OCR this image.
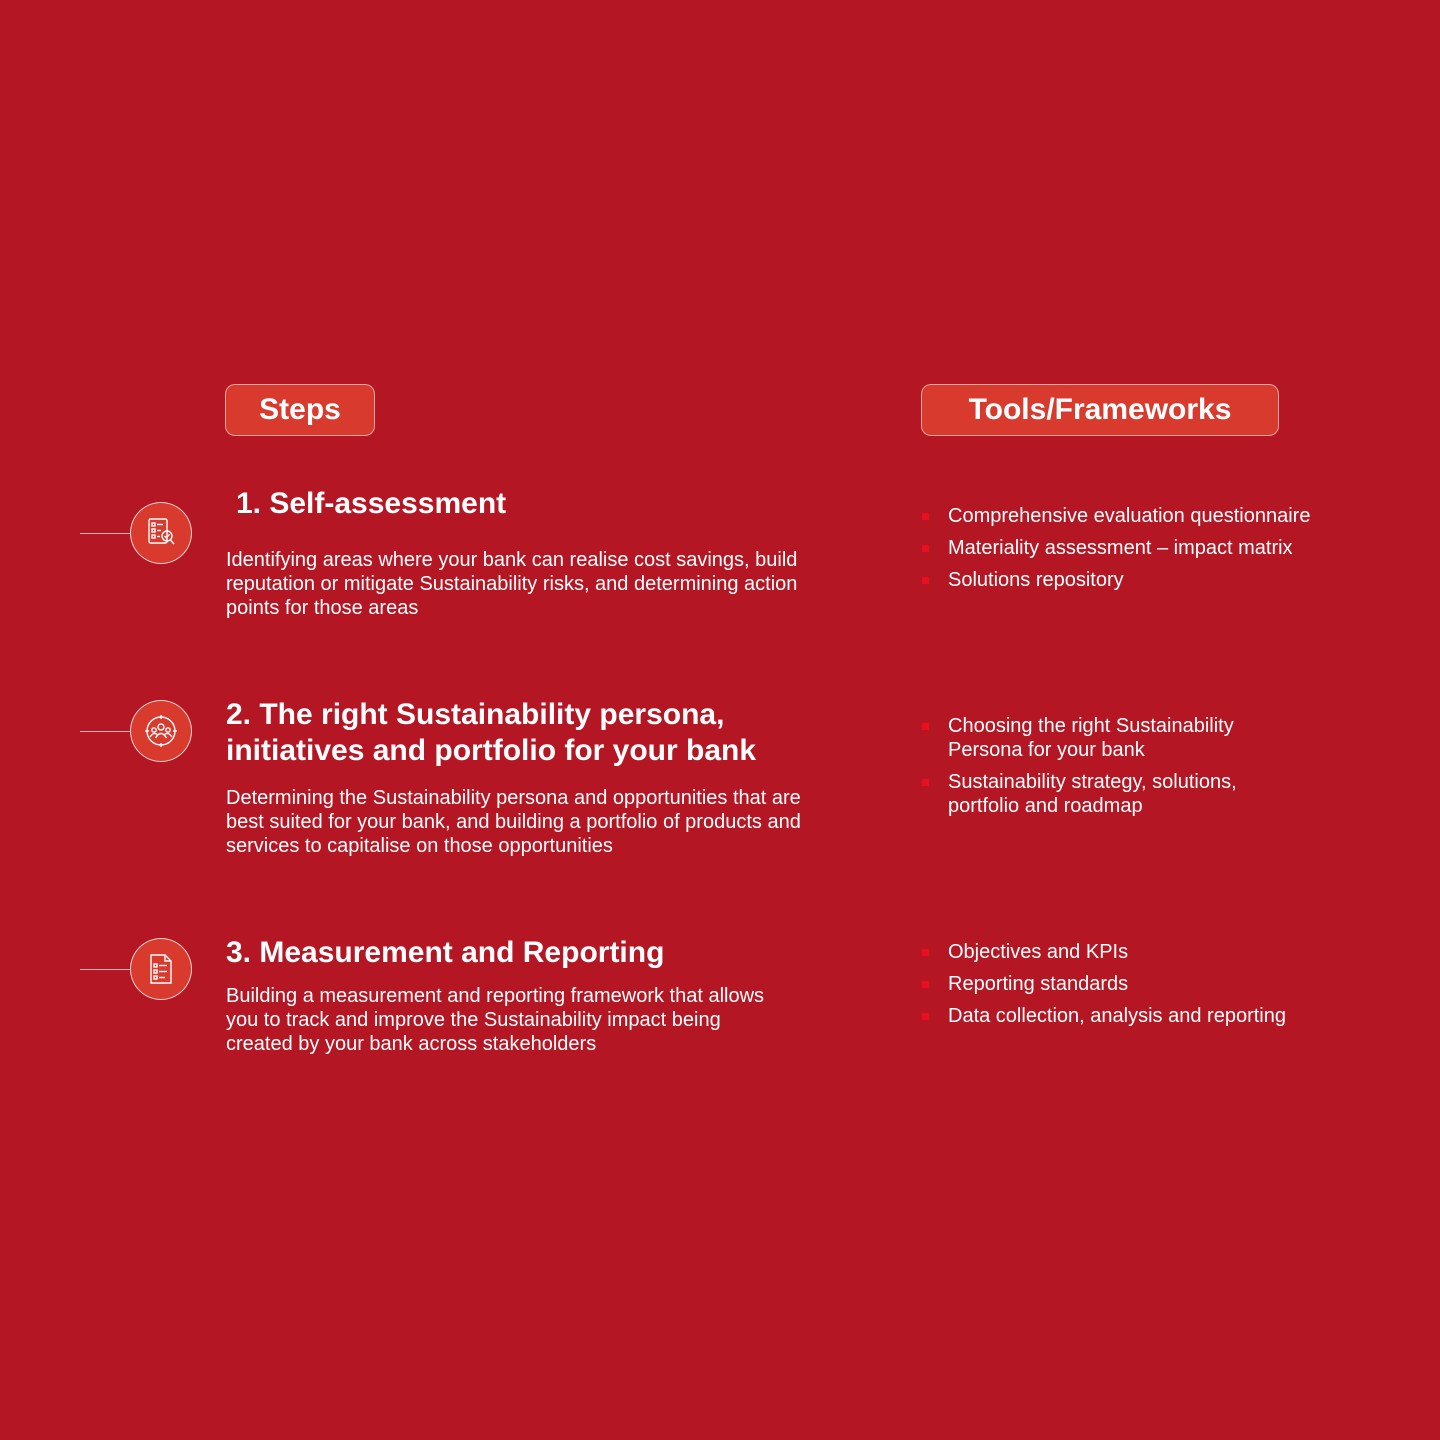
Steps	Tools/Frameworks
1. Self-assessment

Identifying areas where your bank can realise cost savings, build reputation or mitigate Sustainability risks, and determining action points for those areas

Comprehensive evaluation questionnaire
Materiality assessment – impact matrix
Solutions repository
2. The right Sustainability persona, initiatives and portfolio for your bank

Determining the Sustainability persona and opportunities that are best suited for your bank, and building a portfolio of products and services to capitalise on those opportunities

Choosing the right Sustainability Persona for your bank
Sustainability strategy, solutions, portfolio and roadmap
3. Measurement and Reporting

Building a measurement and reporting framework that allows you to track and improve the Sustainability impact being created by your bank across stakeholders

Objectives and KPIs
Reporting standards
Data collection, analysis and reporting
